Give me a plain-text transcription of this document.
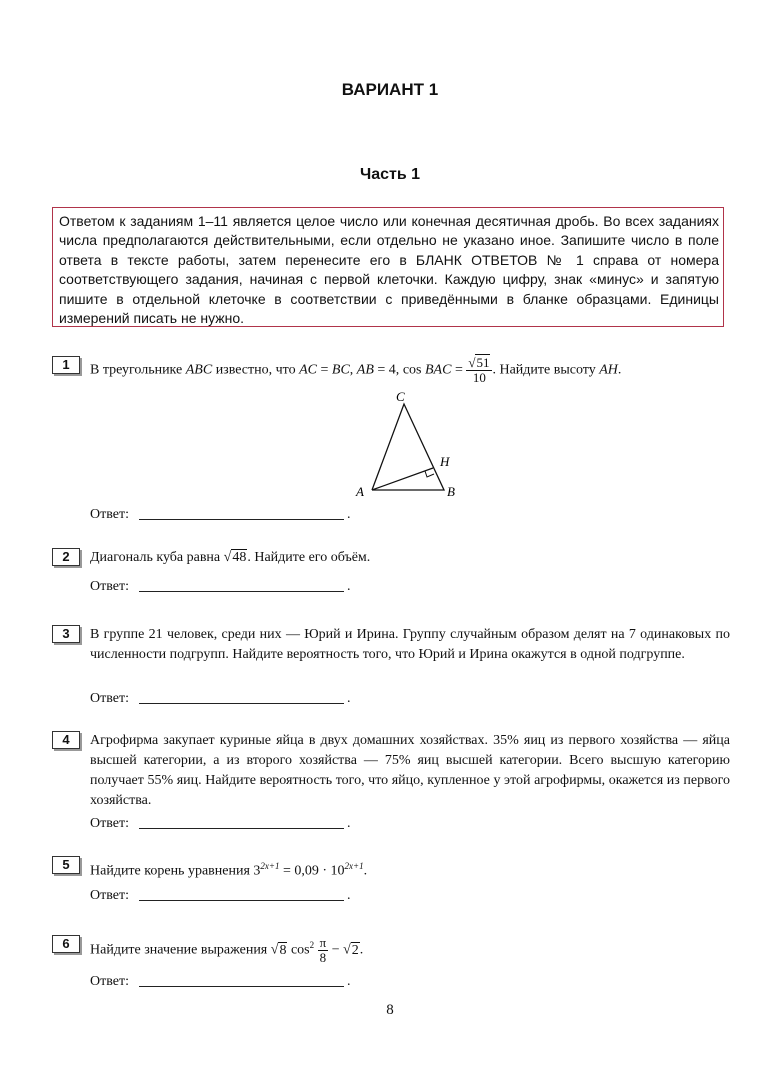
ВАРИАНТ 1
Часть 1
Ответом к заданиям 1–11 является целое число или конечная десятичная дробь. Во всех заданиях числа предполагаются действительными, если отдельно не указано иное. Запишите число в поле ответа в тексте работы, затем перенесите его в БЛАНК ОТВЕТОВ № 1 справа от номера соответствующего задания, начиная с первой клеточки. Каждую цифру, знак «минус» и запятую пишите в отдельной клеточке в соответствии с приведёнными в бланке образцами. Единицы измерений писать не нужно.
1	В треугольнике ABC известно, что AC = BC, AB = 4, cos BAC = $\frac{√51}{10}$ . Найдите высоту AH.
C
A	B
H
Ответ:	.
2	Диагональ куба равна √48. Найдите его объём.
Ответ:	.
3	В группе 21 человек, среди них — Юрий и Ирина. Группу случайным образом делят на 7 одинаковых по численности подгрупп. Найдите вероятность того, что Юрий и Ирина окажутся в одной подгруппе.
Ответ:	.
4	Агрофирма закупает куриные яйца в двух домашних хозяйствах. 35% яиц из первого хозяйства — яйца высшей категории, а из второго хозяйства — 75% яиц высшей категории. Всего высшую категорию получает 55% яиц. Найдите вероятность того, что яйцо, купленное у этой агрофирмы, окажется из первого хозяйства.
Ответ:	.
5	Найдите корень уравнения $3^{2x+1} = 0,09 \cdot 10^{2x+1}$.
Ответ:	.
6	Найдите значение выражения √8 $\cos^2 \frac{\pi}{8} - √2$.
Ответ:	.
8
